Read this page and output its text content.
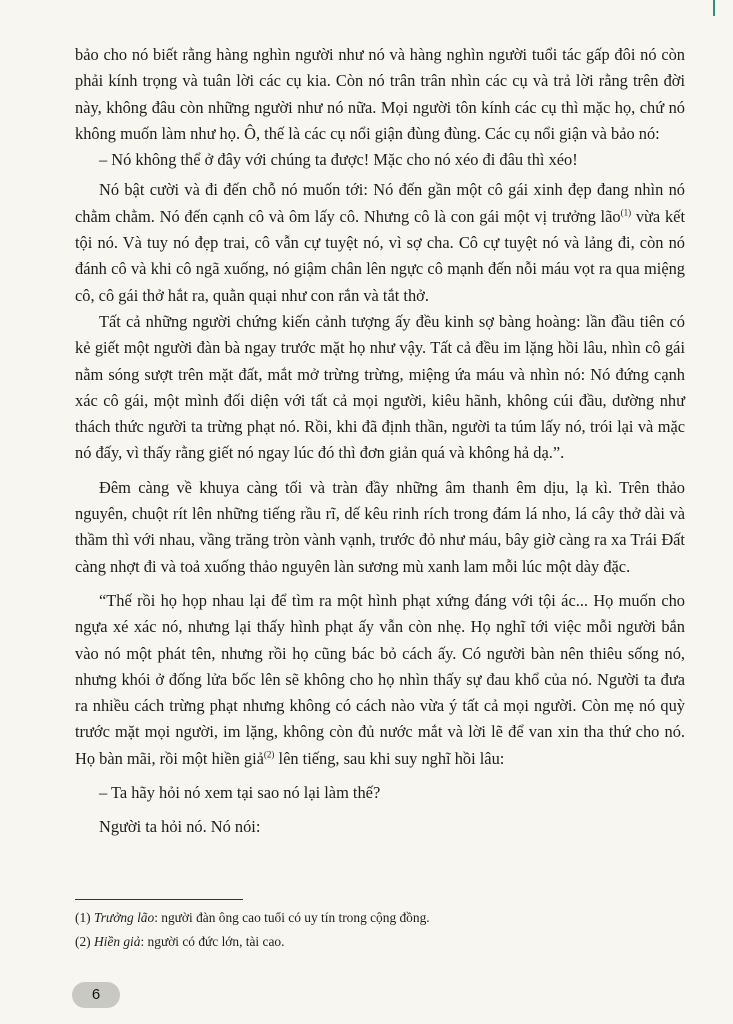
bảo cho nó biết rằng hàng nghìn người như nó và hàng nghìn người tuổi tác gấp đôi nó còn phải kính trọng và tuân lời các cụ kia. Còn nó trân trân nhìn các cụ và trả lời rằng trên đời này, không đâu còn những người như nó nữa. Mọi người tôn kính các cụ thì mặc họ, chứ nó không muốn làm như họ. Ô, thế là các cụ nổi giận đùng đùng. Các cụ nổi giận và bảo nó:

– Nó không thể ở đây với chúng ta được! Mặc cho nó xéo đi đâu thì xéo!

Nó bật cười và đi đến chỗ nó muốn tới: Nó đến gần một cô gái xinh đẹp đang nhìn nó chằm chằm. Nó đến cạnh cô và ôm lấy cô. Nhưng cô là con gái một vị trưởng lão$^{(1)}$ vừa kết tội nó. Và tuy nó đẹp trai, cô vẫn cự tuyệt nó, vì sợ cha. Cô cự tuyệt nó và lảng đi, còn nó đánh cô và khi cô ngã xuống, nó giậm chân lên ngực cô mạnh đến nỗi máu vọt ra qua miệng cô, cô gái thở hắt ra, quằn quại như con rắn và tắt thở.

Tất cả những người chứng kiến cảnh tượng ấy đều kinh sợ bàng hoàng: lần đầu tiên có kẻ giết một người đàn bà ngay trước mặt họ như vậy. Tất cả đều im lặng hồi lâu, nhìn cô gái nằm sóng sượt trên mặt đất, mắt mở trừng trừng, miệng ứa máu và nhìn nó: Nó đứng cạnh xác cô gái, một mình đối diện với tất cả mọi người, kiêu hãnh, không cúi đầu, dường như thách thức người ta trừng phạt nó. Rồi, khi đã định thần, người ta túm lấy nó, trói lại và mặc nó đấy, vì thấy rằng giết nó ngay lúc đó thì đơn giản quá và không hả dạ.”.

Đêm càng về khuya càng tối và tràn đầy những âm thanh êm dịu, lạ kì. Trên thảo nguyên, chuột rít lên những tiếng rầu rĩ, dế kêu rinh rích trong đám lá nho, lá cây thở dài và thầm thì với nhau, vầng trăng tròn vành vạnh, trước đỏ như máu, bây giờ càng ra xa Trái Đất càng nhợt đi và toả xuống thảo nguyên làn sương mù xanh lam mỗi lúc một dày đặc.

“Thế rồi họ họp nhau lại để tìm ra một hình phạt xứng đáng với tội ác... Họ muốn cho ngựa xé xác nó, nhưng lại thấy hình phạt ấy vẫn còn nhẹ. Họ nghĩ tới việc mỗi người bắn vào nó một phát tên, nhưng rồi họ cũng bác bỏ cách ấy. Có người bàn nên thiêu sống nó, nhưng khói ở đống lửa bốc lên sẽ không cho họ nhìn thấy sự đau khổ của nó. Người ta đưa ra nhiều cách trừng phạt nhưng không có cách nào vừa ý tất cả mọi người. Còn mẹ nó quỳ trước mặt mọi người, im lặng, không còn đủ nước mắt và lời lẽ để van xin tha thứ cho nó. Họ bàn mãi, rồi một hiền giả$^{(2)}$ lên tiếng, sau khi suy nghĩ hồi lâu:

– Ta hãy hỏi nó xem tại sao nó lại làm thế?

Người ta hỏi nó. Nó nói:

(1) Trưởng lão: người đàn ông cao tuổi có uy tín trong cộng đồng.

(2) Hiền giả: người có đức lớn, tài cao.

6
